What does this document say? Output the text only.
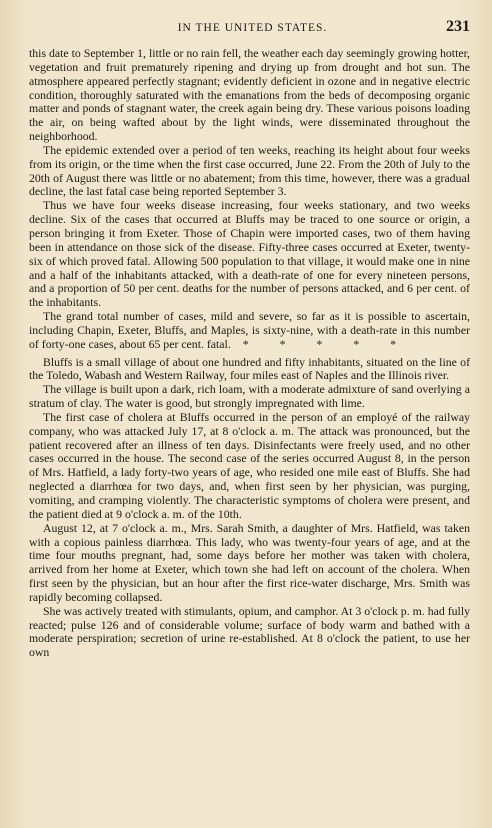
IN THE UNITED STATES.	231

this date to September 1, little or no rain fell, the weather each day seemingly growing hotter, vegetation and fruit prematurely ripening and drying up from drought and hot sun. The atmosphere appeared perfectly stagnant; evidently deficient in ozone and in negative electric condition, thoroughly saturated with the emanations from the beds of decomposing organic matter and ponds of stagnant water, the creek again being dry. These various poisons loading the air, on being wafted about by the light winds, were disseminated throughout the neighborhood.

The epidemic extended over a period of ten weeks, reaching its height about four weeks from its origin, or the time when the first case occurred, June 22. From the 20th of July to the 20th of August there was little or no abatement; from this time, however, there was a gradual decline, the last fatal case being reported September 3.

Thus we have four weeks disease increasing, four weeks stationary, and two weeks decline. Six of the cases that occurred at Bluffs may be traced to one source or origin, a person bringing it from Exeter. Those of Chapin were imported cases, two of them having been in attendance on those sick of the disease. Fifty-three cases occurred at Exeter, twenty-six of which proved fatal. Allowing 500 population to that village, it would make one in nine and a half of the inhabitants attacked, with a death-rate of one for every nineteen persons, and a proportion of 50 per cent. deaths for the number of persons attacked, and 6 per cent. of the inhabitants.

The grand total number of cases, mild and severe, so far as it is possible to ascertain, including Chapin, Exeter, Bluffs, and Maples, is sixty-nine, with a death-rate in this number of forty-one cases, about 65 per cent. fatal. * * * * *

Bluffs is a small village of about one hundred and fifty inhabitants, situated on the line of the Toledo, Wabash and Western Railway, four miles east of Naples and the Illinois river.

The village is built upon a dark, rich loam, with a moderate admixture of sand overlying a stratum of clay. The water is good, but strongly impregnated with lime.

The first case of cholera at Bluffs occurred in the person of an employé of the railway company, who was attacked July 17, at 8 o'clock a. m. The attack was pronounced, but the patient recovered after an illness of ten days. Disinfectants were freely used, and no other cases occurred in the house. The second case of the series occurred August 8, in the person of Mrs. Hatfield, a lady forty-two years of age, who resided one mile east of Bluffs. She had neglected a diarrhœa for two days, and, when first seen by her physician, was purging, vomiting, and cramping violently. The characteristic symptoms of cholera were present, and the patient died at 9 o'clock a. m. of the 10th.

August 12, at 7 o'clock a. m., Mrs. Sarah Smith, a daughter of Mrs. Hatfield, was taken with a copious painless diarrhœa. This lady, who was twenty-four years of age, and at the time four mouths pregnant, had, some days before her mother was taken with cholera, arrived from her home at Exeter, which town she had left on account of the cholera. When first seen by the physician, but an hour after the first rice-water discharge, Mrs. Smith was rapidly becoming collapsed.

She was actively treated with stimulants, opium, and camphor. At 3 o'clock p. m. had fully reacted; pulse 126 and of considerable volume; surface of body warm and bathed with a moderate perspiration; secretion of urine re-established. At 8 o'clock the patient, to use her own
